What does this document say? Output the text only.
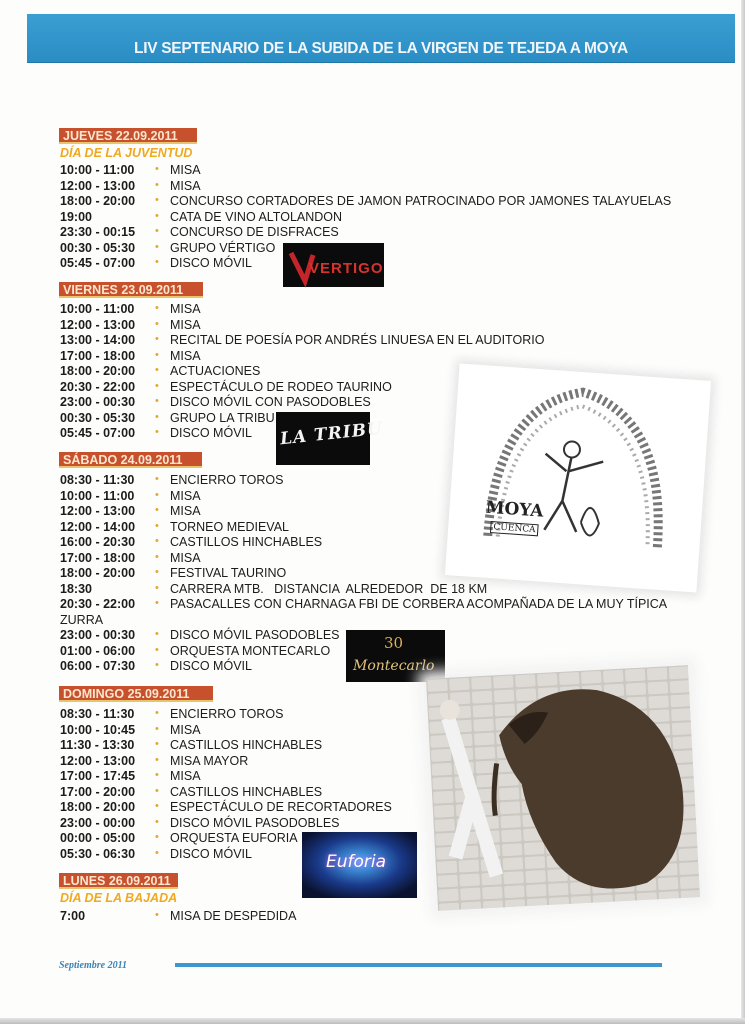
LIV SEPTENARIO DE LA SUBIDA DE LA VIRGEN DE TEJEDA A MOYA
JUEVES 22.09.2011
DÍA DE LA JUVENTUD
10:00 - 11:00 • MISA
12:00 - 13:00 • MISA
18:00 - 20:00 • CONCURSO CORTADORES DE JAMON PATROCINADO POR JAMONES TALAYUELAS
19:00	• CATA DE VINO ALTOLANDON
23:30 - 00:15 • CONCURSO DE DISFRACES
00:30 - 05:30 • GRUPO VÉRTIGO
05:45 - 07:00 • DISCO MÓVIL	VERTIGO
VIERNES 23.09.2011
10:00 - 11:00 • MISA
12:00 - 13:00 • MISA
13:00 - 14:00 • RECITAL DE POESÍA POR ANDRÉS LINUESA EN EL AUDITORIO
17:00 - 18:00 • MISA
18:00 - 20:00 • ACTUACIONES
20:30 - 22:00 • ESPECTÁCULO DE RODEO TAURINO
23:00 - 00:30 • DISCO MÓVIL CON PASODOBLES
00:30 - 05:30 • GRUPO LA TRIBU
05:45 - 07:00 • DISCO MÓVIL LA TRIBU
MOYA
CUENCA
SÁBADO 24.09.2011
08:30 - 11:30 • ENCIERRO TOROS
10:00 - 11:00 • MISA
12:00 - 13:00 • MISA
12:00 - 14:00 • TORNEO MEDIEVAL
16:00 - 20:30 • CASTILLOS HINCHABLES
17:00 - 18:00 • MISA
18:00 - 20:00 • FESTIVAL TAURINO
18:30	• CARRERA MTB.   DISTANCIA  ALREDEDOR  DE 18 KM
20:30 - 22:00 • PASACALLES CON CHARNAGA FBI DE CORBERA ACOMPAÑADA DE LA MUY TÍPICA
ZURRA
23:00 - 00:30 • DISCO MÓVIL PASODOBLES
01:00 - 06:00 • ORQUESTA MONTECARLO
06:00 - 07:30 • DISCO MÓVIL
30
Montecarlo
DOMINGO 25.09.2011
08:30 - 11:30 • ENCIERRO TOROS
10:00 - 10:45 • MISA
11:30 - 13:30 • CASTILLOS HINCHABLES
12:00 - 13:00 • MISA MAYOR
17:00 - 17:45 • MISA
17:00 - 20:00 • CASTILLOS HINCHABLES
18:00 - 20:00 • ESPECTÁCULO DE RECORTADORES
23:00 - 00:00 • DISCO MÓVIL PASODOBLES
00:00 - 05:00 • ORQUESTA EUFORIA
05:30 - 06:30 • DISCO MÓVIL	Euforia
LUNES 26.09.2011
DÍA DE LA BAJADA
7:00	• MISA DE DESPEDIDA
Septiembre 2011
